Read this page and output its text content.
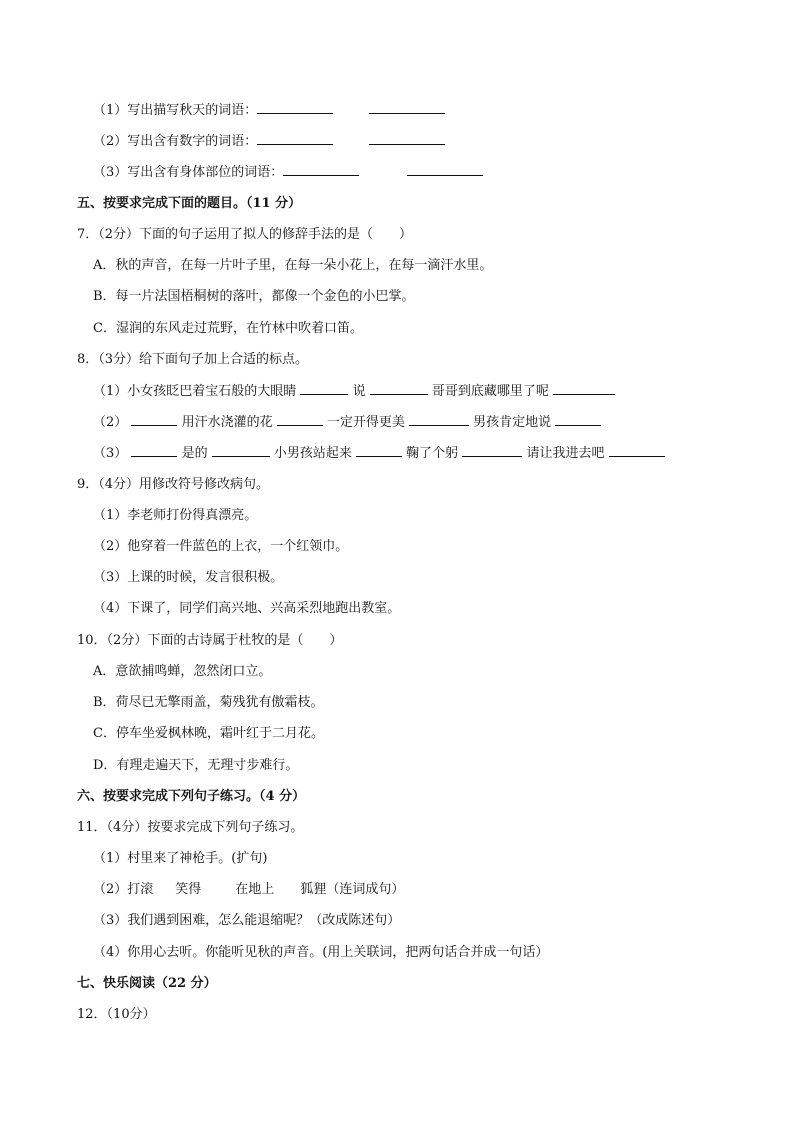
（1）写出描写秋天的词语：
（2）写出含有数字的词语：
（3）写出含有身体部位的词语：
五、按要求完成下面的题目。（11 分）
7．（2分）下面的句子运用了拟人的修辞手法的是（　　）
A．秋的声音，在每一片叶子里，在每一朵小花上，在每一滴汗水里。
B．每一片法国梧桐树的落叶，都像一个金色的小巴掌。
C．湿润的东风走过荒野，在竹林中吹着口笛。
8．（3分）给下面句子加上合适的标点。
（1）小女孩眨巴着宝石般的大眼睛	说	哥哥到底藏哪里了呢
（2）	用汗水浇灌的花	一定开得更美	男孩肯定地说
（3）	是的	小男孩站起来	鞠了个躬	请让我进去吧
9．（4分）用修改符号修改病句。
（1）李老师打份得真漂亮。
（2）他穿着一件蓝色的上衣，一个红领巾。
（3）上课的时候，发言很积极。
（4）下课了，同学们高兴地、兴高采烈地跑出教室。
10．（2分）下面的古诗属于杜牧的是（　　）
A．意欲捕鸣蝉，忽然闭口立。
B．荷尽已无擎雨盖，菊残犹有傲霜枝。
C．停车坐爱枫林晚，霜叶红于二月花。
D．有理走遍天下，无理寸步难行。
六、按要求完成下列句子练习。（4 分）
11．（4分）按要求完成下列句子练习。
（1）村里来了神枪手。(扩句)
（2）打滚 笑得	在地上 狐狸（连词成句）
（3）我们遇到困难，怎么能退缩呢？（改成陈述句）
（4）你用心去听。你能听见秋的声音。(用上关联词，把两句话合并成一句话）
七、快乐阅读（22 分）
12．（10分）
